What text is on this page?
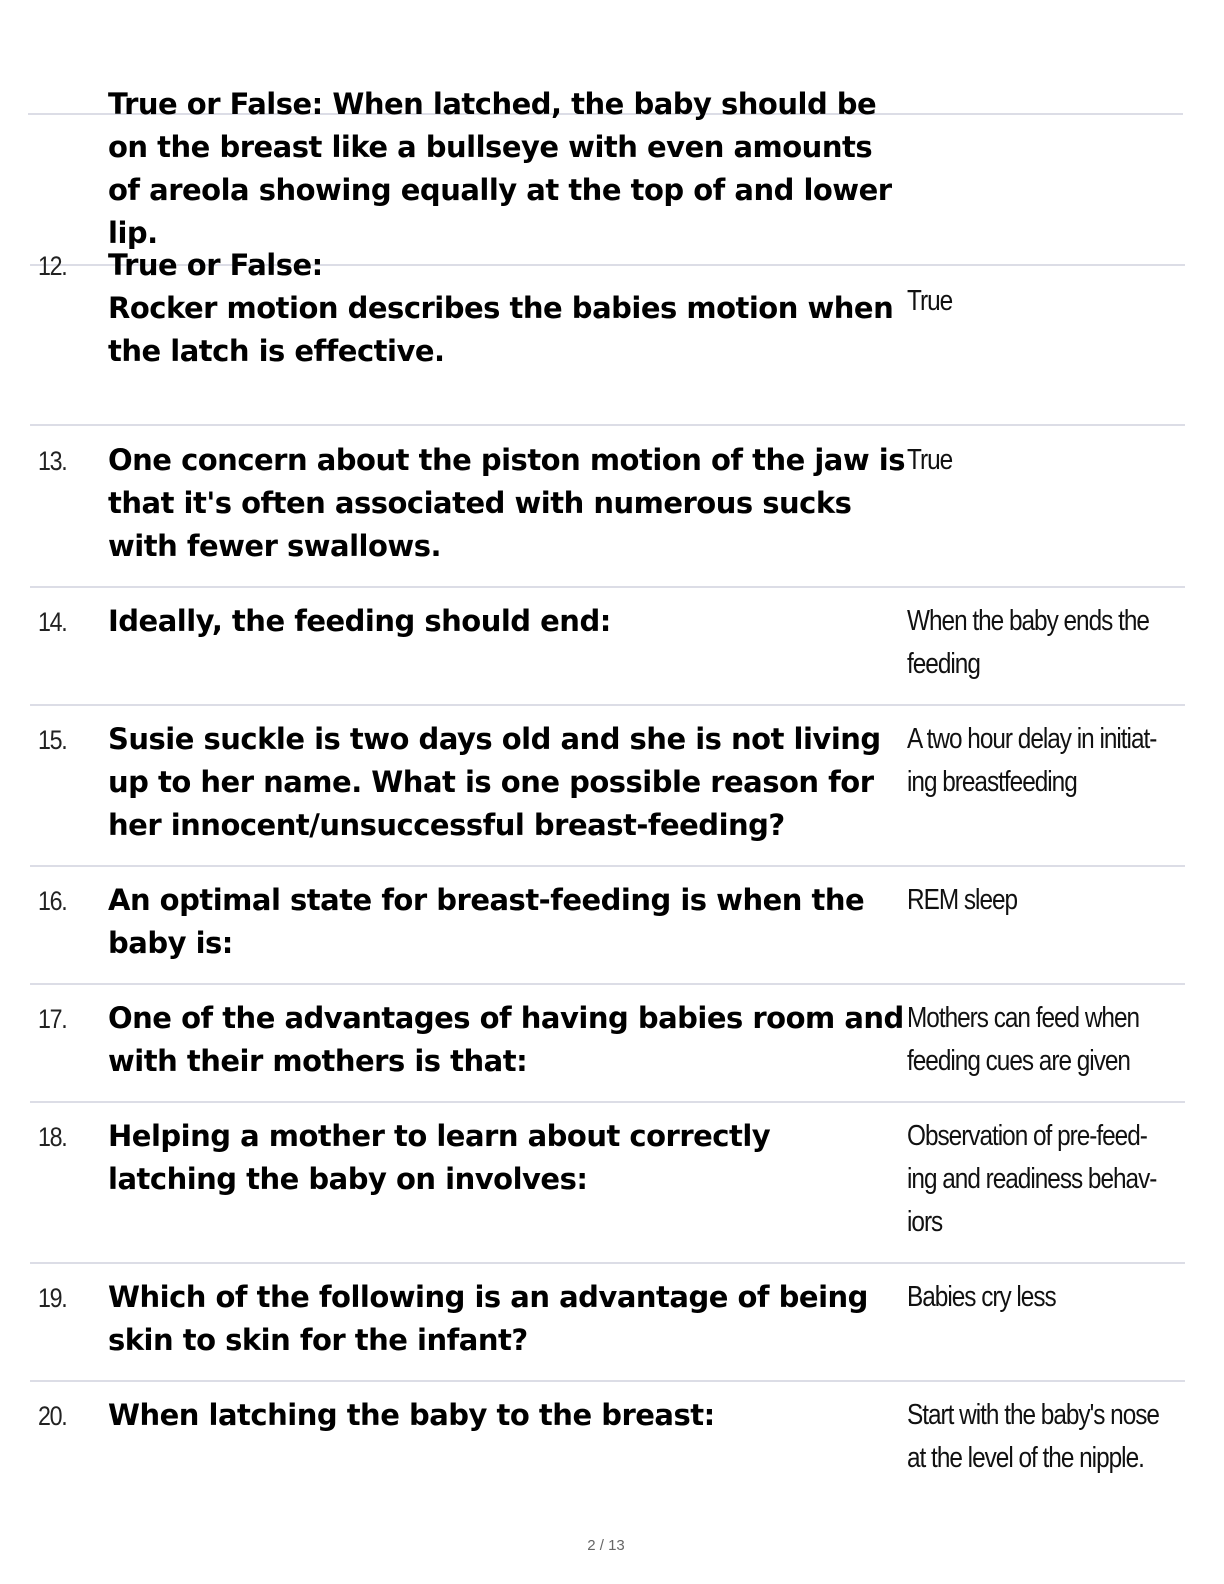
True or False: When latched, the baby should be on the breast like a bullseye with even amounts of areola showing equally at the top of and lower lip.
12. True or False:
Rocker motion describes the babies motion when the latch is effective.
True
13. One concern about the piston motion of the jaw is that it's often associated with numerous sucks with fewer swallows.
True
14. Ideally, the feeding should end:	When the baby ends the feeding
15. Susie suckle is two days old and she is not living up to her name. What is one possible reason for her innocent/unsuccessful breast-feeding?
A two hour delay in initiat-ing breastfeeding
16. An optimal state for breast-feeding is when the baby is:
REM sleep
17. One of the advantages of having babies room and with their mothers is that:
Mothers can feed when feeding cues are given
18. Helping a mother to learn about correctly latching the baby on involves:
Observation of pre-feed-ing and readiness behav-iors
19. Which of the following is an advantage of being skin to skin for the infant?
Babies cry less
20. When latching the baby to the breast:	Start with the baby's nose at the level of the nipple.
2 / 13
